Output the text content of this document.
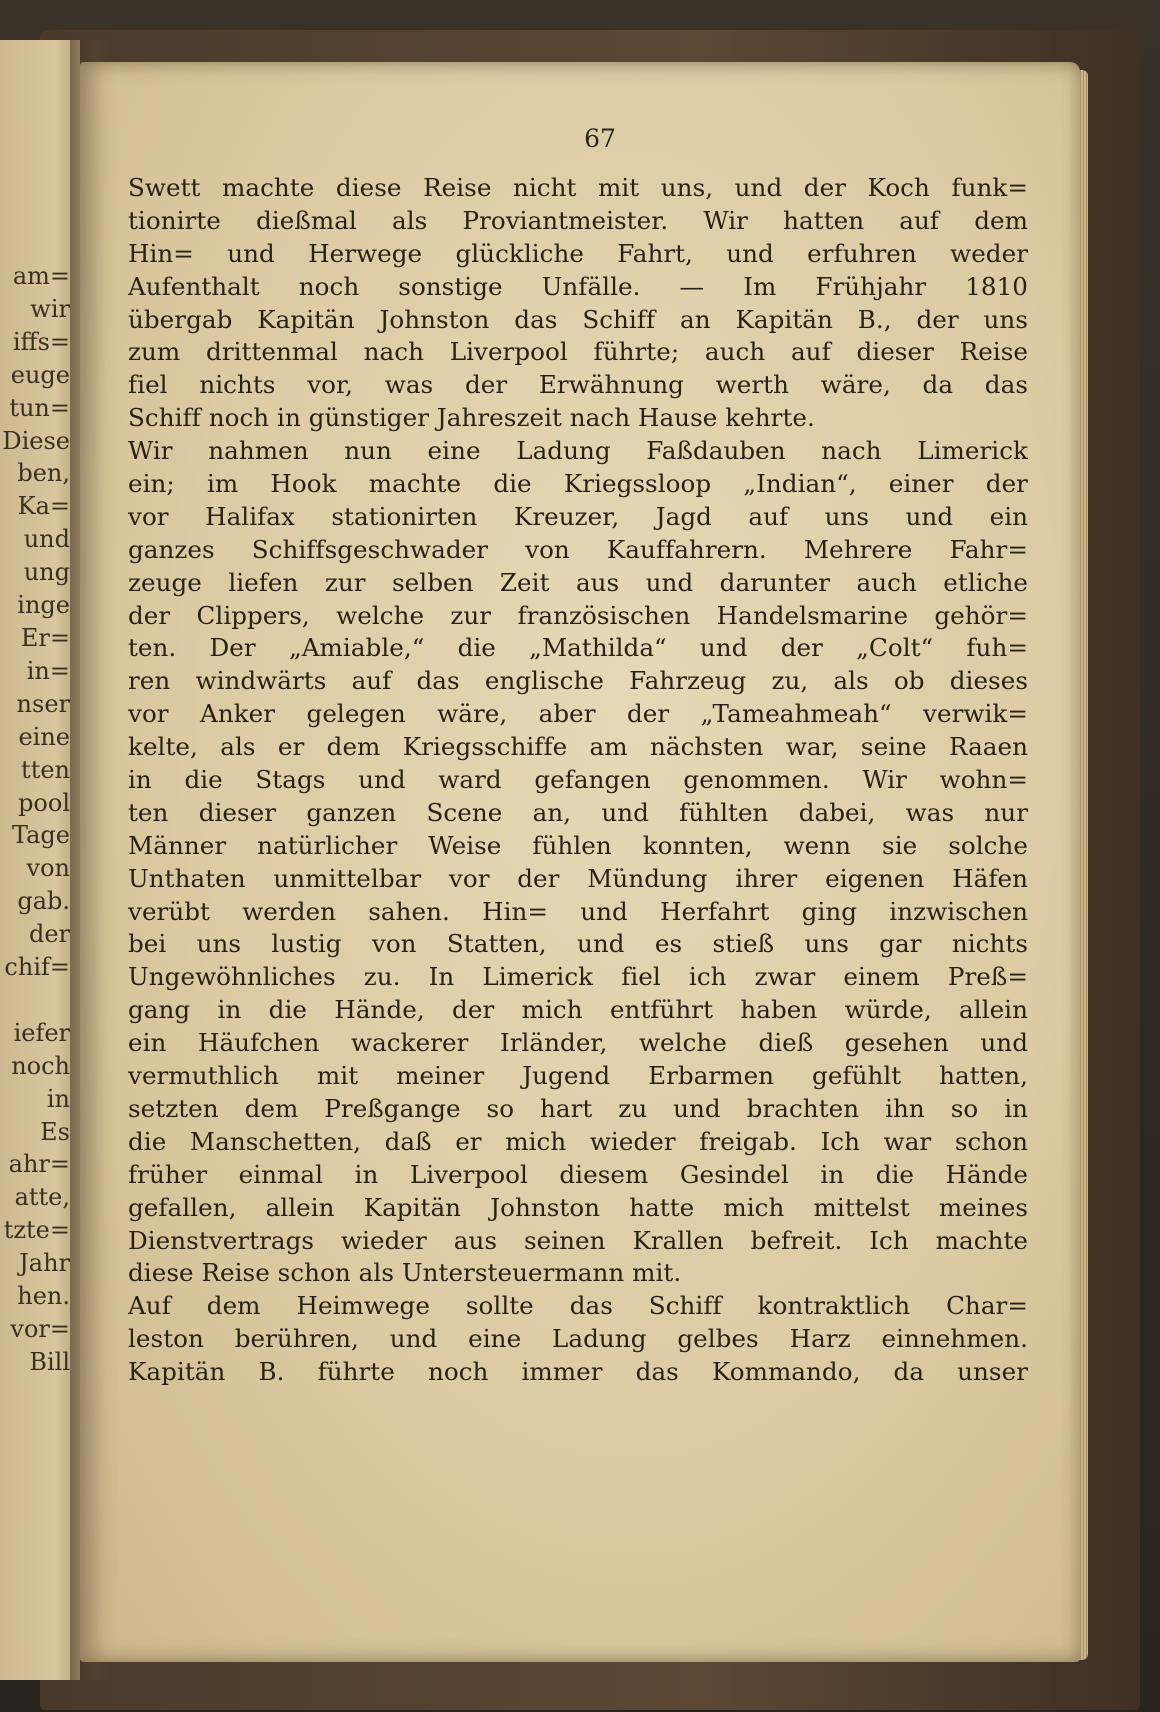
am=
wir
iffs=
euge
tun=
Diese
ben,
Ka=
und
ung
inge
Er=
in=
nser
eine
tten
pool
Tage
von
gab.
der
chif=

iefer
noch
in
Es
ahr=
atte,
tzte=
Jahr
hen.
vor=
Bill
67
Swett machte diese Reise nicht mit uns, und der Koch funk=
tionirte dießmal als Proviantmeister. Wir hatten auf dem
Hin= und Herwege glückliche Fahrt, und erfuhren weder
Aufenthalt noch sonstige Unfälle. — Im Frühjahr 1810
übergab Kapitän Johnston das Schiff an Kapitän B., der uns
zum drittenmal nach Liverpool führte; auch auf dieser Reise
fiel nichts vor, was der Erwähnung werth wäre, da das
Schiff noch in günstiger Jahreszeit nach Hause kehrte.
Wir nahmen nun eine Ladung Faßdauben nach Limerick
ein; im Hook machte die Kriegssloop „Indian“, einer der
vor Halifax stationirten Kreuzer, Jagd auf uns und ein
ganzes Schiffsgeschwader von Kauffahrern. Mehrere Fahr=
zeuge liefen zur selben Zeit aus und darunter auch etliche
der Clippers, welche zur französischen Handelsmarine gehör=
ten. Der „Amiable,“ die „Mathilda“ und der „Colt“ fuh=
ren windwärts auf das englische Fahrzeug zu, als ob dieses
vor Anker gelegen wäre, aber der „Tameahmeah“ verwik=
kelte, als er dem Kriegsschiffe am nächsten war, seine Raaen
in die Stags und ward gefangen genommen. Wir wohn=
ten dieser ganzen Scene an, und fühlten dabei, was nur
Männer natürlicher Weise fühlen konnten, wenn sie solche
Unthaten unmittelbar vor der Mündung ihrer eigenen Häfen
verübt werden sahen. Hin= und Herfahrt ging inzwischen
bei uns lustig von Statten, und es stieß uns gar nichts
Ungewöhnliches zu. In Limerick fiel ich zwar einem Preß=
gang in die Hände, der mich entführt haben würde, allein
ein Häufchen wackerer Irländer, welche dieß gesehen und
vermuthlich mit meiner Jugend Erbarmen gefühlt hatten,
setzten dem Preßgange so hart zu und brachten ihn so in
die Manschetten, daß er mich wieder freigab. Ich war schon
früher einmal in Liverpool diesem Gesindel in die Hände
gefallen, allein Kapitän Johnston hatte mich mittelst meines
Dienstvertrags wieder aus seinen Krallen befreit. Ich machte
diese Reise schon als Untersteuermann mit.
Auf dem Heimwege sollte das Schiff kontraktlich Char=
leston berühren, und eine Ladung gelbes Harz einnehmen.
Kapitän B. führte noch immer das Kommando, da unser
